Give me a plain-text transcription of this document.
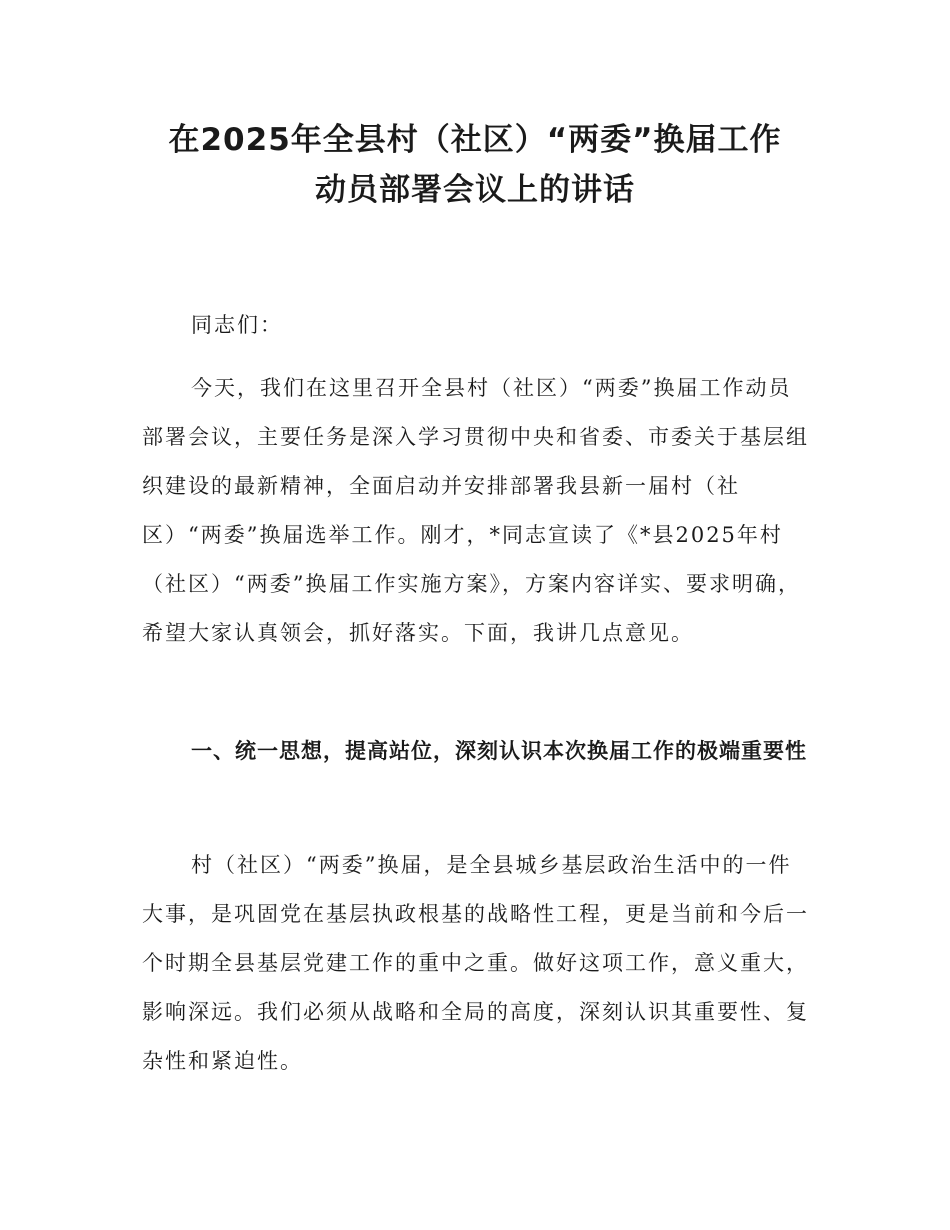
在2025年全县村（社区）“两委”换届工作
动员部署会议上的讲话

同志们：

今天，我们在这里召开全县村（社区）“两委”换届工作动员部署会议，主要任务是深入学习贯彻中央和省委、市委关于基层组织建设的最新精神，全面启动并安排部署我县新一届村（社区）“两委”换届选举工作。刚才，*同志宣读了《*县2025年村（社区）“两委”换届工作实施方案》，方案内容详实、要求明确，希望大家认真领会，抓好落实。下面，我讲几点意见。

一、统一思想，提高站位，深刻认识本次换届工作的极端重要性

村（社区）“两委”换届，是全县城乡基层政治生活中的一件大事，是巩固党在基层执政根基的战略性工程，更是当前和今后一个时期全县基层党建工作的重中之重。做好这项工作，意义重大，影响深远。我们必须从战略和全局的高度，深刻认识其重要性、复杂性和紧迫性。
